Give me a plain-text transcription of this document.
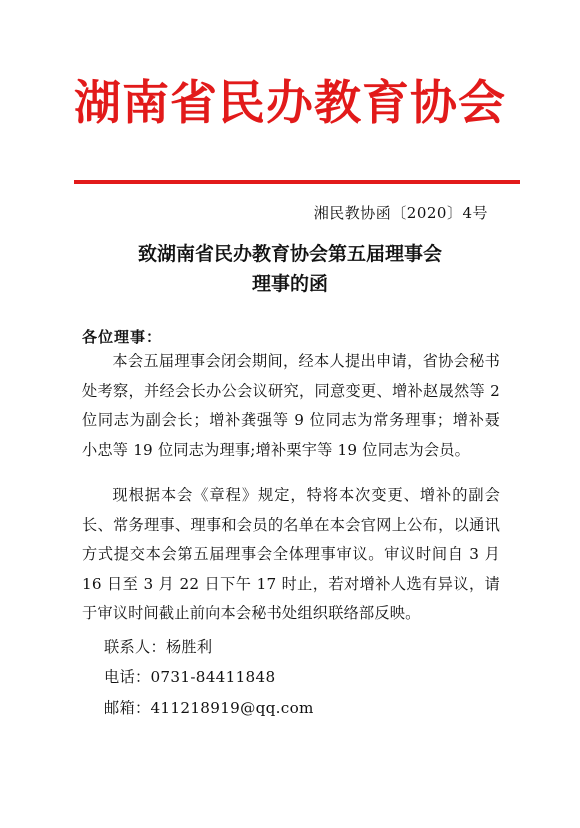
湖南省民办教育协会
湘民教协函〔2020〕4号
致湖南省民办教育协会第五届理事会
理事的函
各位理事：

本会五届理事会闭会期间，经本人提出申请，省协会秘书处考察，并经会长办公会议研究，同意变更、增补赵晟然等 2 位同志为副会长；增补龚强等 9 位同志为常务理事；增补聂小忠等 19 位同志为理事;增补栗宇等 19 位同志为会员。

现根据本会《章程》规定，特将本次变更、增补的副会长、常务理事、理事和会员的名单在本会官网上公布，以通讯方式提交本会第五届理事会全体理事审议。审议时间自 3 月 16 日至 3 月 22 日下午 17 时止，若对增补人选有异议，请于审议时间截止前向本会秘书处组织联络部反映。

联系人：杨胜利
电话：0731-84411848
邮箱：411218919@qq.com
